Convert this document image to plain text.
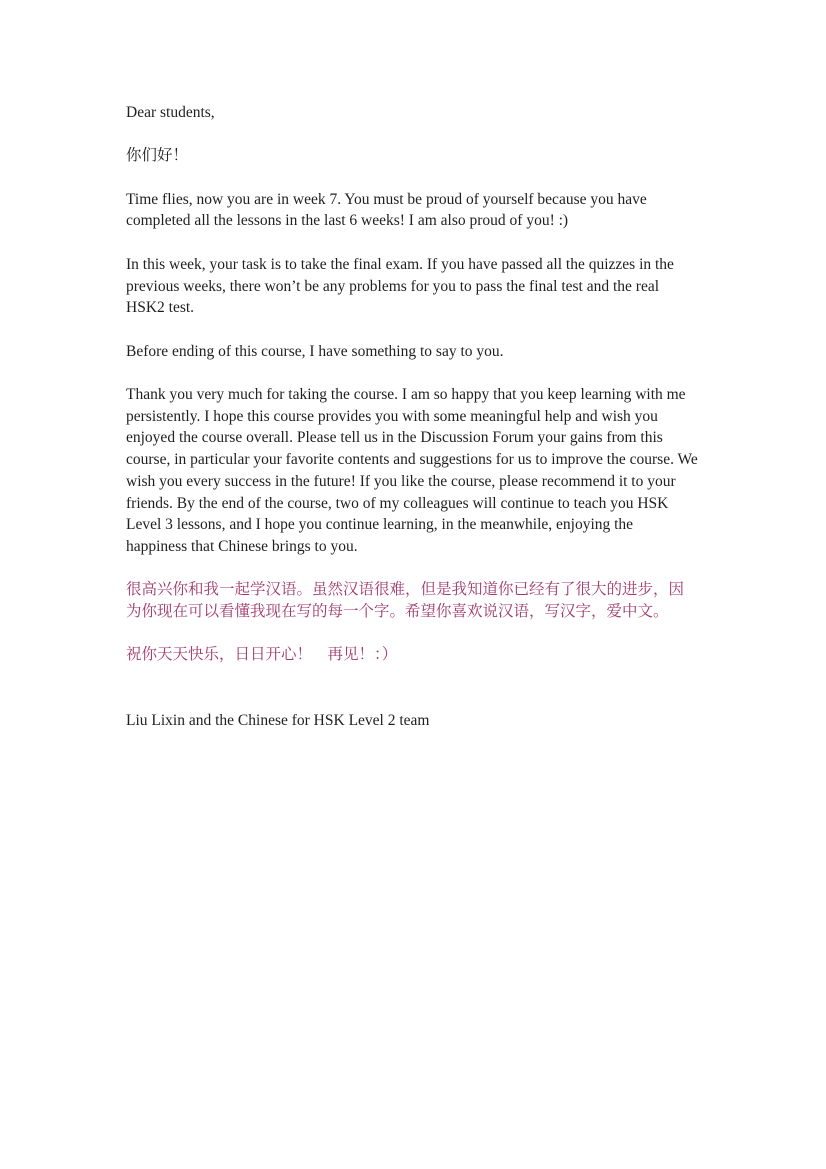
Dear students,

你们好！

Time flies, now you are in week 7. You must be proud of yourself because you have completed all the lessons in the last 6 weeks! I am also proud of you! :)

In this week, your task is to take the final exam. If you have passed all the quizzes in the previous weeks, there won’t be any problems for you to pass the final test and the real HSK2 test.

Before ending of this course, I have something to say to you.

Thank you very much for taking the course. I am so happy that you keep learning with me persistently. I hope this course provides you with some meaningful help and wish you enjoyed the course overall. Please tell us in the Discussion Forum your gains from this course, in particular your favorite contents and suggestions for us to improve the course. We wish you every success in the future! If you like the course, please recommend it to your friends. By the end of the course, two of my colleagues will continue to teach you HSK Level 3 lessons, and I hope you continue learning, in the meanwhile, enjoying the happiness that Chinese brings to you.

很高兴你和我一起学汉语。虽然汉语很难，但是我知道你已经有了很大的进步，因为你现在可以看懂我现在写的每一个字。希望你喜欢说汉语，写汉字，爱中文。

祝你天天快乐，日日开心！　再见！：）

Liu Lixin and the Chinese for HSK Level 2 team
